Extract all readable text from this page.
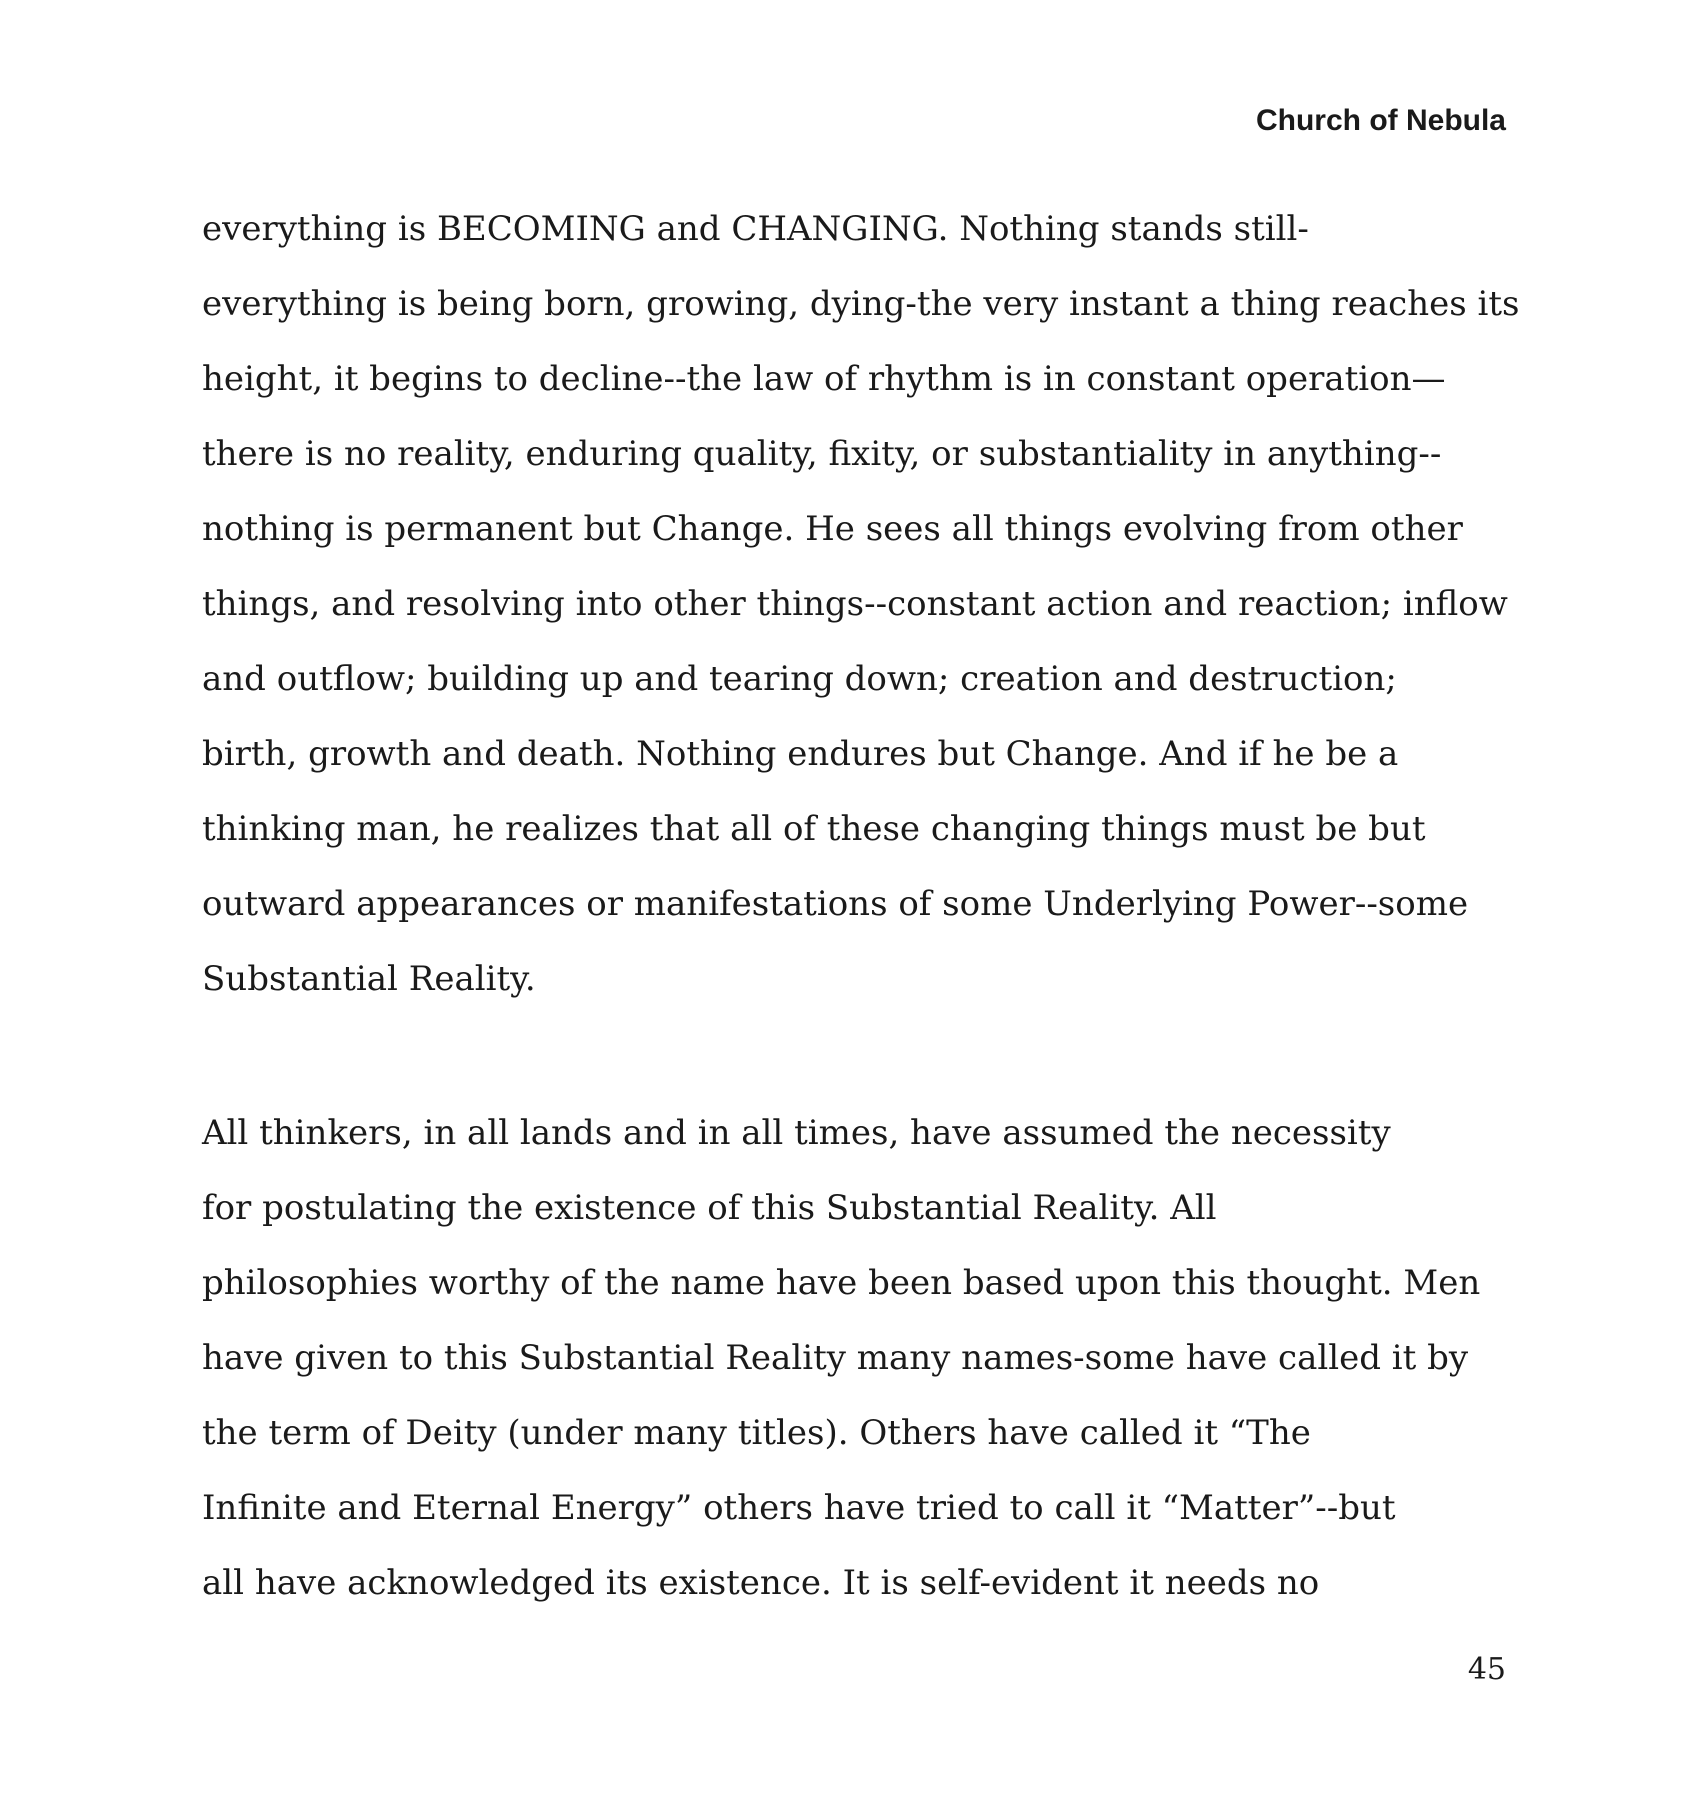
Church of Nebula
everything is BECOMING and CHANGING. Nothing stands still-
everything is being born, growing, dying-the very instant a thing reaches its
height, it begins to decline--the law of rhythm is in constant operation—
there is no reality, enduring quality, fixity, or substantiality in anything--
nothing is permanent but Change. He sees all things evolving from other
things, and resolving into other things--constant action and reaction; inflow
and outflow; building up and tearing down; creation and destruction;
birth, growth and death. Nothing endures but Change. And if he be a
thinking man, he realizes that all of these changing things must be but
outward appearances or manifestations of some Underlying Power--some
Substantial Reality.
All thinkers, in all lands and in all times, have assumed the necessity
for postulating the existence of this Substantial Reality. All
philosophies worthy of the name have been based upon this thought. Men
have given to this Substantial Reality many names-some have called it by
the term of Deity (under many titles). Others have called it “The
Infinite and Eternal Energy” others have tried to call it “Matter”--but
all have acknowledged its existence. It is self-evident it needs no
45
